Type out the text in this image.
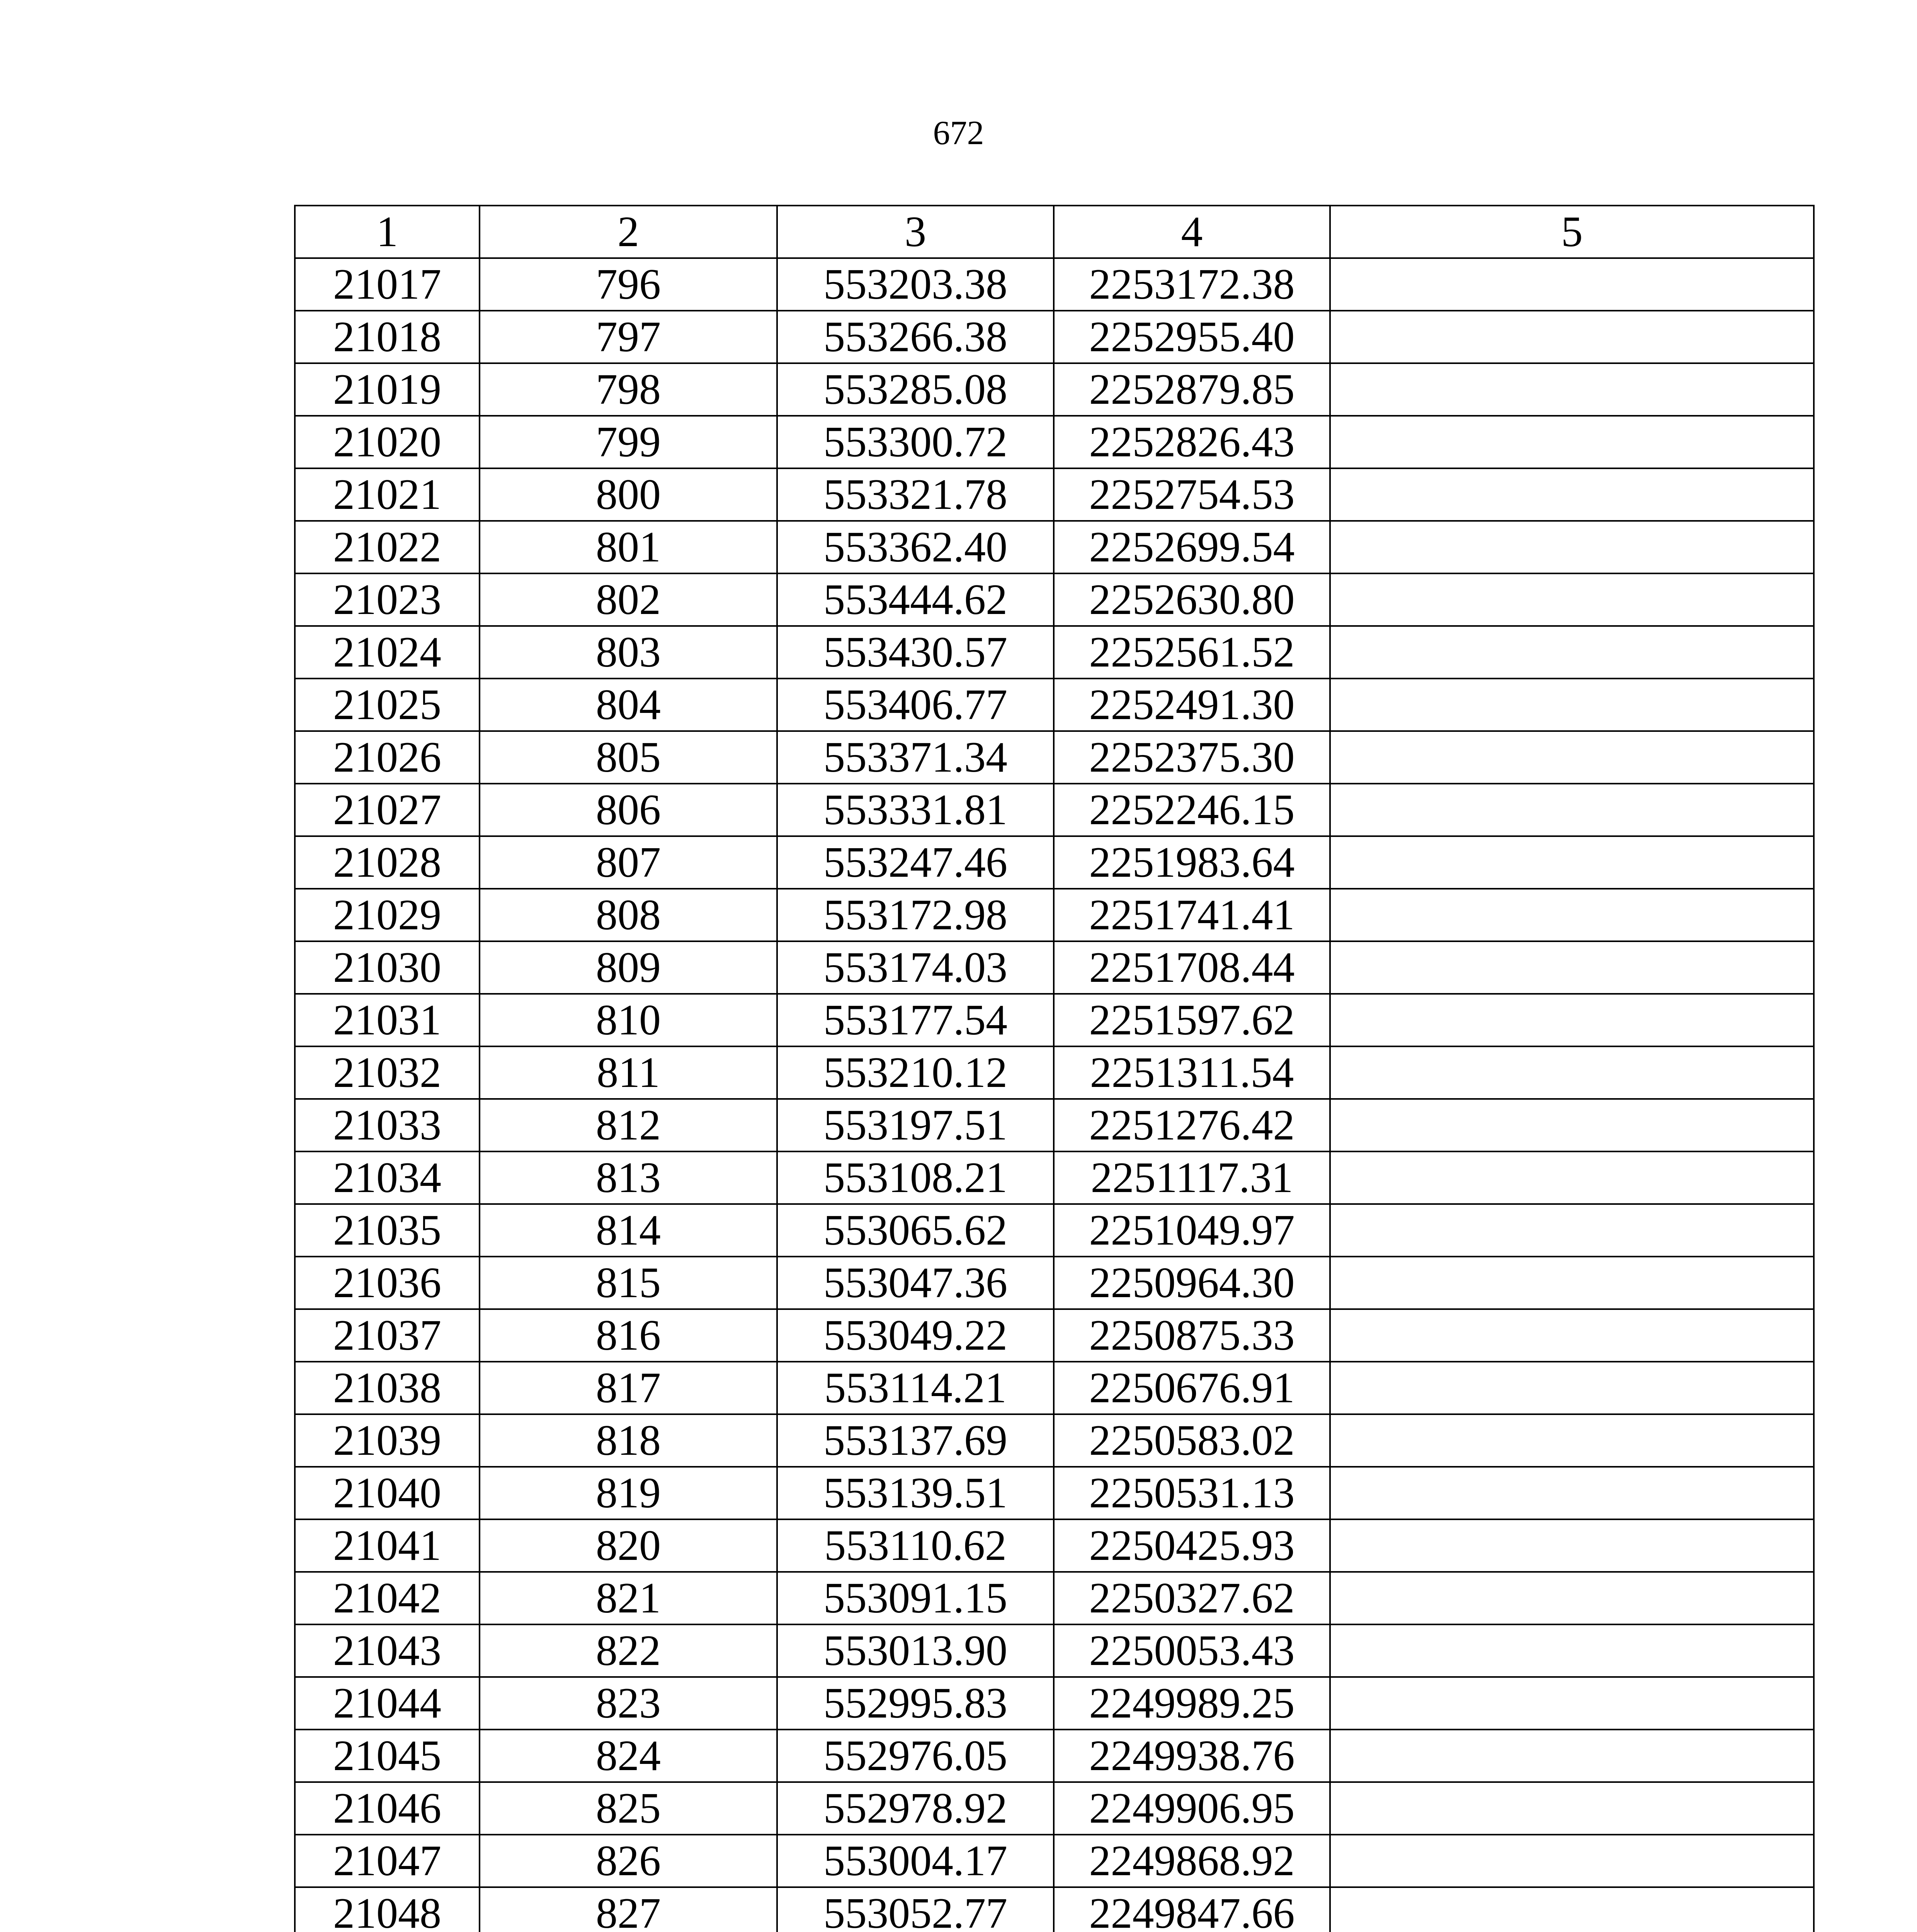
672
1	2	3	4	5
21017	796	553203.38	2253172.38	
21018	797	553266.38	2252955.40	
21019	798	553285.08	2252879.85	
21020	799	553300.72	2252826.43	
21021	800	553321.78	2252754.53	
21022	801	553362.40	2252699.54	
21023	802	553444.62	2252630.80	
21024	803	553430.57	2252561.52	
21025	804	553406.77	2252491.30	
21026	805	553371.34	2252375.30	
21027	806	553331.81	2252246.15	
21028	807	553247.46	2251983.64	
21029	808	553172.98	2251741.41	
21030	809	553174.03	2251708.44	
21031	810	553177.54	2251597.62	
21032	811	553210.12	2251311.54	
21033	812	553197.51	2251276.42	
21034	813	553108.21	2251117.31	
21035	814	553065.62	2251049.97	
21036	815	553047.36	2250964.30	
21037	816	553049.22	2250875.33	
21038	817	553114.21	2250676.91	
21039	818	553137.69	2250583.02	
21040	819	553139.51	2250531.13	
21041	820	553110.62	2250425.93	
21042	821	553091.15	2250327.62	
21043	822	553013.90	2250053.43	
21044	823	552995.83	2249989.25	
21045	824	552976.05	2249938.76	
21046	825	552978.92	2249906.95	
21047	826	553004.17	2249868.92	
21048	827	553052.77	2249847.66	
